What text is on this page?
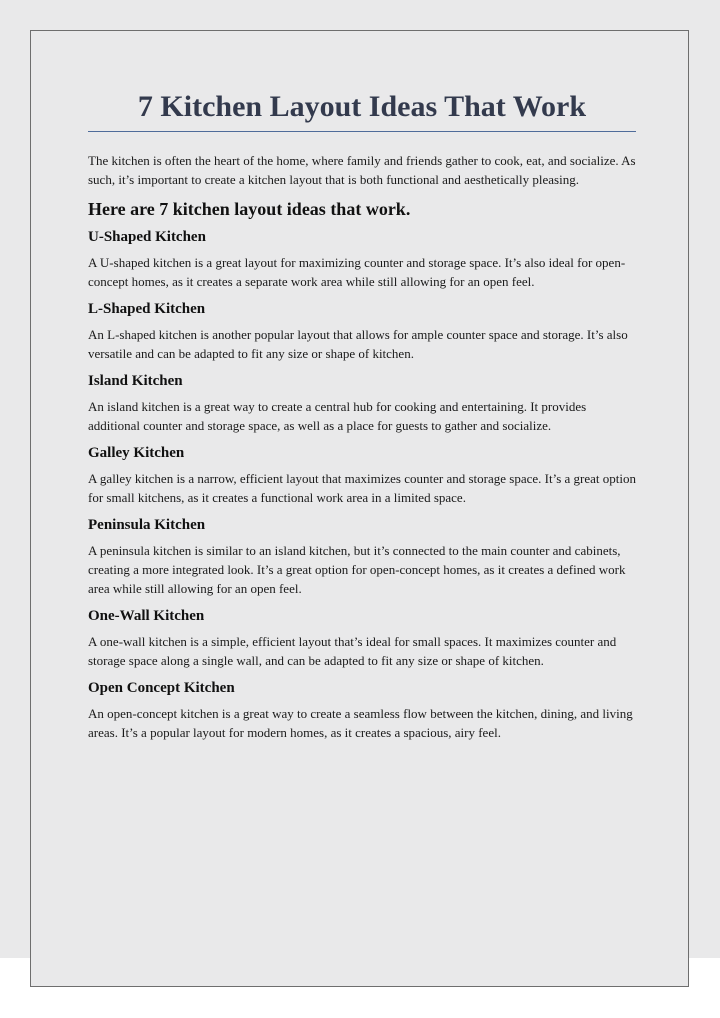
7 Kitchen Layout Ideas That Work

The kitchen is often the heart of the home, where family and friends gather to cook, eat, and socialize. As such, it’s important to create a kitchen layout that is both functional and aesthetically pleasing.

Here are 7 kitchen layout ideas that work.
U-Shaped Kitchen

A U-shaped kitchen is a great layout for maximizing counter and storage space. It’s also ideal for open-concept homes, as it creates a separate work area while still allowing for an open feel.

L-Shaped Kitchen

An L-shaped kitchen is another popular layout that allows for ample counter space and storage. It’s also versatile and can be adapted to fit any size or shape of kitchen.

Island Kitchen

An island kitchen is a great way to create a central hub for cooking and entertaining. It provides additional counter and storage space, as well as a place for guests to gather and socialize.

Galley Kitchen

A galley kitchen is a narrow, efficient layout that maximizes counter and storage space. It’s a great option for small kitchens, as it creates a functional work area in a limited space.

Peninsula Kitchen

A peninsula kitchen is similar to an island kitchen, but it’s connected to the main counter and cabinets, creating a more integrated look. It’s a great option for open-concept homes, as it creates a defined work area while still allowing for an open feel.

One-Wall Kitchen

A one-wall kitchen is a simple, efficient layout that’s ideal for small spaces. It maximizes counter and storage space along a single wall, and can be adapted to fit any size or shape of kitchen.

Open Concept Kitchen

An open-concept kitchen is a great way to create a seamless flow between the kitchen, dining, and living areas. It’s a popular layout for modern homes, as it creates a spacious, airy feel.
